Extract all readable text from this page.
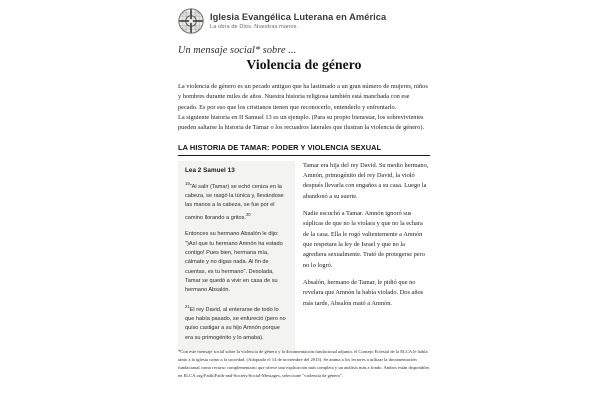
Iglesia Evangélica Luterana en América
La obra de Dios. Nuestras manos.
Un mensaje social* sobre ...
Violencia de género

La violencia de género es un pecado antiguo que ha lastimado a un gran número de mujeres, niños y hombres durante miles de años. Nuestra historia religiosa también está manchada con ese pecado. Es por eso que los cristianos tienen que reconocerlo, entenderlo y enfrentarlo.

La siguiente historia en II Samuel 13 es un ejemplo. (Para su propio bienestar, los sobrevivientes pueden saltarse la historia de Tamar o los recuadros laterales que ilustran la violencia de género).

LA HISTORIA DE TAMAR: PODER Y VIOLENCIA SEXUAL
Lea 2 Samuel 13

$^{19}$"Al salir (Tamar) se echó ceniza en la cabeza, se rasgó la túnica y, llevándose las manos a la cabeza, se fue por el camino llorando a gritos.$^{20}$

Entonces su hermano Absalón le dijo: ")Así que tu hermano Amnón ha estado contigo! Pues bien, hermana mía, cálmate y no digas nada. Al fin de cuentas, es tu hermano". Desolada, Tamar se quedó a vivir en casa de su hermano Absalón.

$^{21}$El rey David, al enterarse de todo lo que había pasado, se enfureció (pero no quiso castigar a su hijo Amnón porque era su primogénito y lo amaba).

Tamar era hija del rey David. Su medio hermano, Amnón, primogénito del rey David, la violó después llevarla con engaños a su casa. Luego la abandonó a su suerte.

Nadie escuchó a Tamar. Amnón ignoró sus súplicas de que no la violara y que no la echara de la casa. Ella le rogó valientemente a Amnón que respetara la ley de Israel y que no la agrediera sexualmente. Trató de protegerse pero no lo logró.

Absalón, hermano de Tamar, le pidió que no revelara que Amnón la había violado. Dos años más tarde, Absalón mató a Amnón.

*Con este mensaje social sobre la violencia de género y la documentación fundacional adjunta, el Consejo Eclesial de la ELCA le habla tanto a la iglesia como a la sociedad. (Adoptado el 14 de noviembre del 2015). Se anima a los lectores a utilizar la documentación fundacional como recurso complementario que ofrece una explicación más completa y un análisis más a fondo. Ambos están disponibles en ELCA.org/Faith/Faith-and-Society/Social-Messages, seleccione "violencia de género".
